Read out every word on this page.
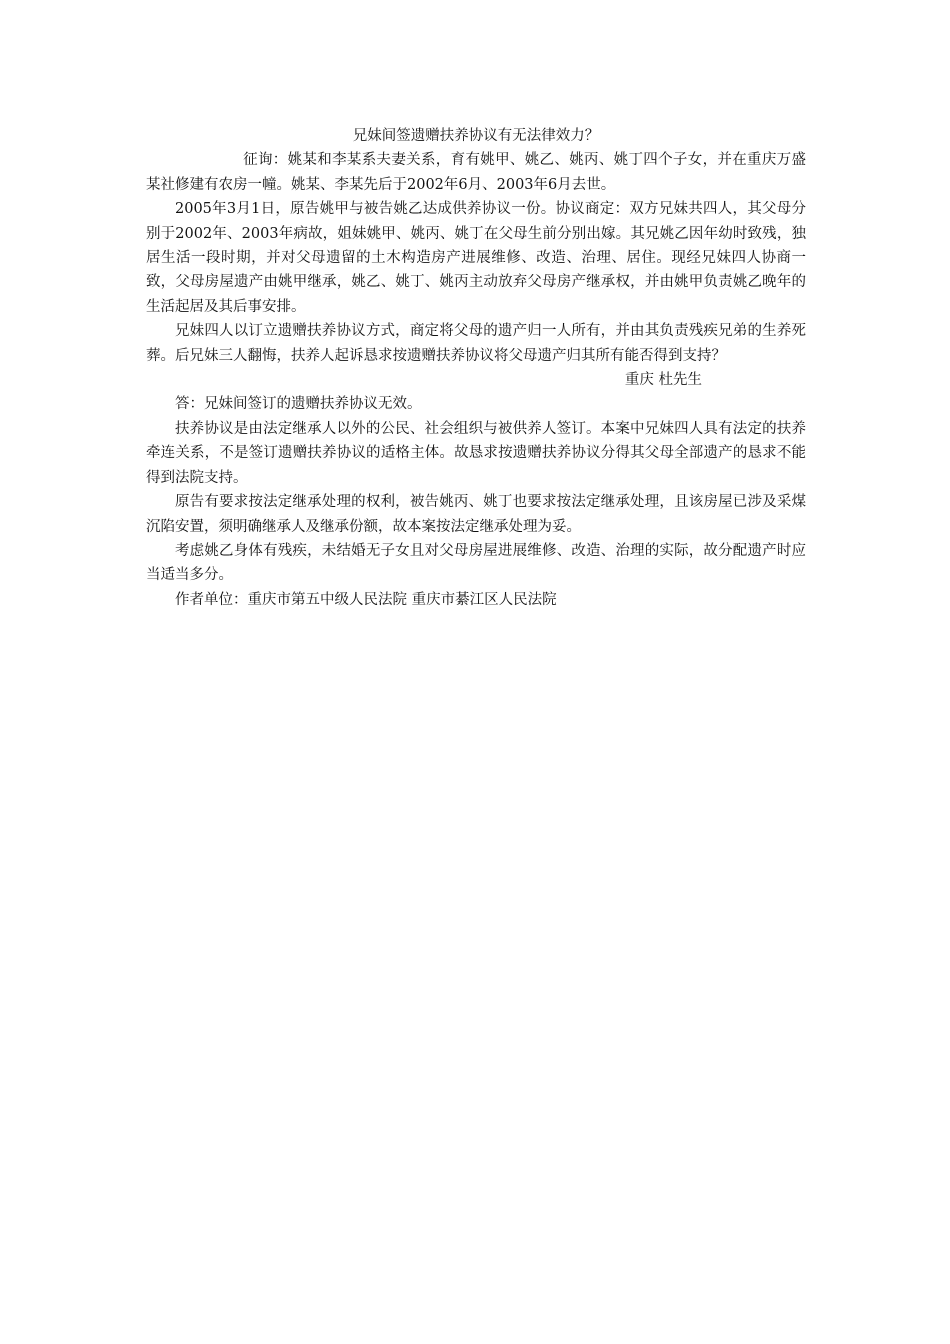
兄妹间签遗赠扶养协议有无法律效力？

征询：姚某和李某系夫妻关系，育有姚甲、姚乙、姚丙、姚丁四个子女，并在重庆万盛某社修建有农房一幢。姚某、李某先后于2002年6月、2003年6月去世。

2005年3月1日，原告姚甲与被告姚乙达成供养协议一份。协议商定：双方兄妹共四人，其父母分别于2002年、2003年病故，姐妹姚甲、姚丙、姚丁在父母生前分别出嫁。其兄姚乙因年幼时致残，独居生活一段时期，并对父母遗留的土木构造房产进展维修、改造、治理、居住。现经兄妹四人协商一致，父母房屋遗产由姚甲继承，姚乙、姚丁、姚丙主动放弃父母房产继承权，并由姚甲负责姚乙晚年的生活起居及其后事安排。

兄妹四人以订立遗赠扶养协议方式，商定将父母的遗产归一人所有，并由其负责残疾兄弟的生养死葬。后兄妹三人翻悔，扶养人起诉恳求按遗赠扶养协议将父母遗产归其所有能否得到支持？

重庆 杜先生

答：兄妹间签订的遗赠扶养协议无效。

扶养协议是由法定继承人以外的公民、社会组织与被供养人签订。本案中兄妹四人具有法定的扶养牵连关系，不是签订遗赠扶养协议的适格主体。故恳求按遗赠扶养协议分得其父母全部遗产的恳求不能得到法院支持。

原告有要求按法定继承处理的权利，被告姚丙、姚丁也要求按法定继承处理，且该房屋已涉及采煤沉陷安置，须明确继承人及继承份额，故本案按法定继承处理为妥。

考虑姚乙身体有残疾，未结婚无子女且对父母房屋进展维修、改造、治理的实际，故分配遗产时应当适当多分。

作者单位：重庆市第五中级人民法院 重庆市綦江区人民法院
